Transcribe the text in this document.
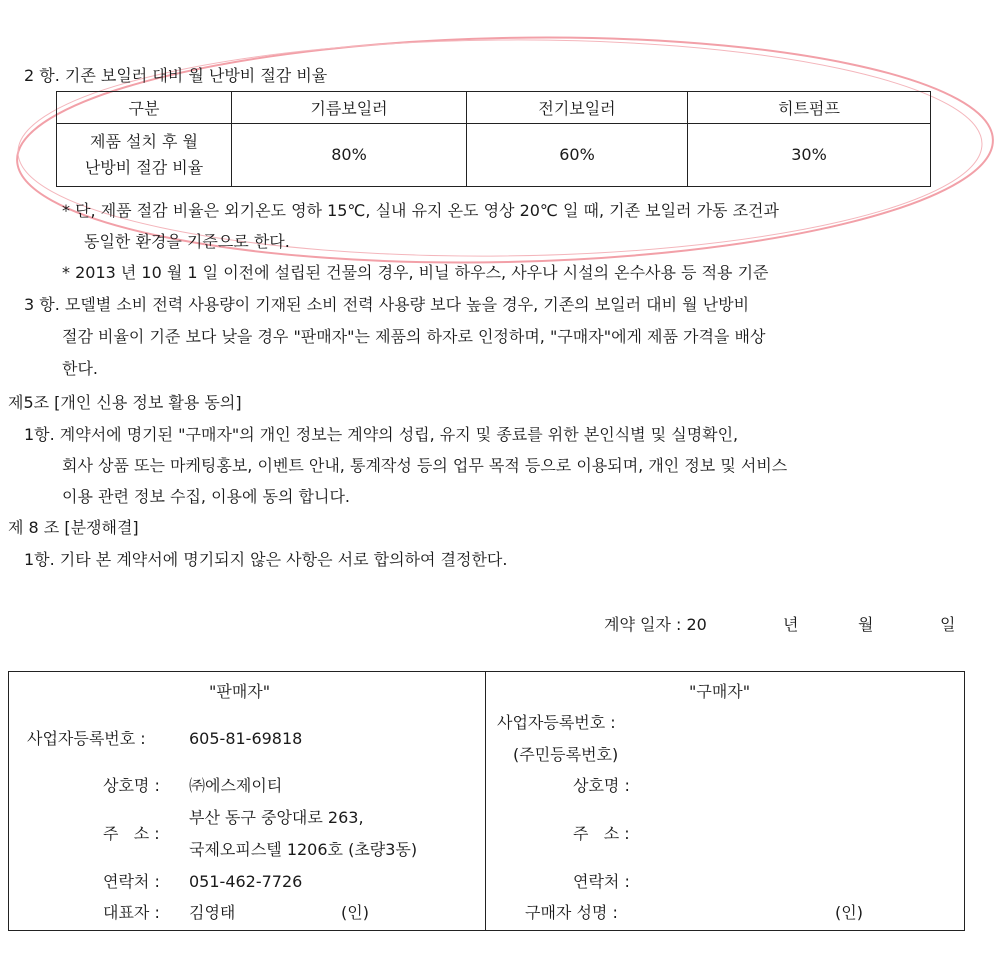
2 항. 기존 보일러 대비 월 난방비 절감 비율
구분	기름보일러	전기보일러	히트펌프

제품 설치 후 월
난방비 절감 비율	80%	60%	30%
* 단, 제품 절감 비율은 외기온도 영하 15℃, 실내 유지 온도 영상 20℃ 일 때, 기존 보일러 가동 조건과
동일한 환경을 기준으로 한다.
* 2013 년 10 월 1 일 이전에 설립된 건물의 경우, 비닐 하우스, 사우나 시설의 온수사용 등 적용 기준
3 항. 모델별 소비 전력 사용량이 기재된 소비 전력 사용량 보다 높을 경우, 기존의 보일러 대비 월 난방비
절감 비율이 기준 보다 낮을 경우 "판매자"는 제품의 하자로 인정하며, "구매자"에게 제품 가격을 배상
한다.
제5조 [개인 신용 정보 활용 동의]
1항. 계약서에 명기된 "구매자"의 개인 정보는 계약의 성립, 유지 및 종료를 위한 본인식별 및 실명확인,
회사 상품 또는 마케팅홍보, 이벤트 안내, 통계작성 등의 업무 목적 등으로 이용되며, 개인 정보 및 서비스
이용 관련 정보 수집, 이용에 동의 합니다.
제 8 조 [분쟁해결]
1항. 기타 본 계약서에 명기되지 않은 사항은 서로 합의하여 결정한다.
계약 일자 : 20	년	월	일
"판매자"
사업자등록번호 :	605-81-69818
상호명 : ㈜에스제이티
주   소 :
부산 동구 중앙대로 263,
국제오피스텔 1206호 (초량3동)
연락처 : 051-462-7726
대표자 : 김영태	(인)
"구매자"
사업자등록번호 :
(주민등록번호)
상호명 :
주   소 :
연락처 :
구매자 성명 :	(인)
